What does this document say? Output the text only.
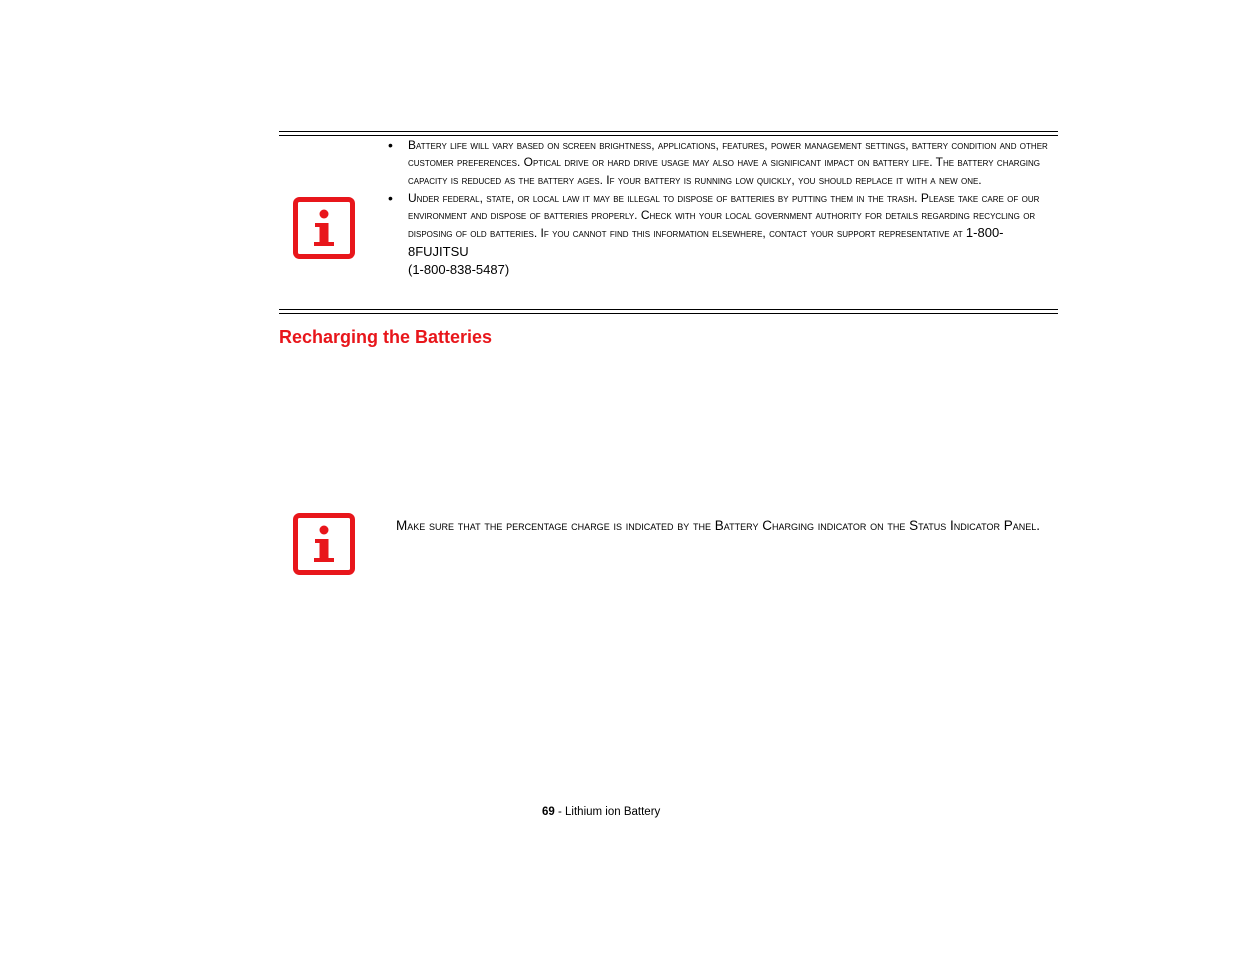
• Battery life will vary based on screen brightness, applications, features, power management settings, battery condition and other customer preferences. Optical drive or hard drive usage may also have a significant impact on battery life. The battery charging capacity is reduced as the battery ages. If your battery is running low quickly, you should replace it with a new one.
• Under federal, state, or local law it may be illegal to dispose of batteries by putting them in the trash. Please take care of our environment and dispose of batteries properly. Check with your local government authority for details regarding recycling or disposing of old batteries. If you cannot find this information elsewhere, contact your support representative at 1-800-8FUJITSU
(1-800-838-5487)
Recharging the Batteries

Make sure that the percentage charge is indicated by the Battery Charging indicator on the Status Indicator Panel.

69 - Lithium ion Battery
